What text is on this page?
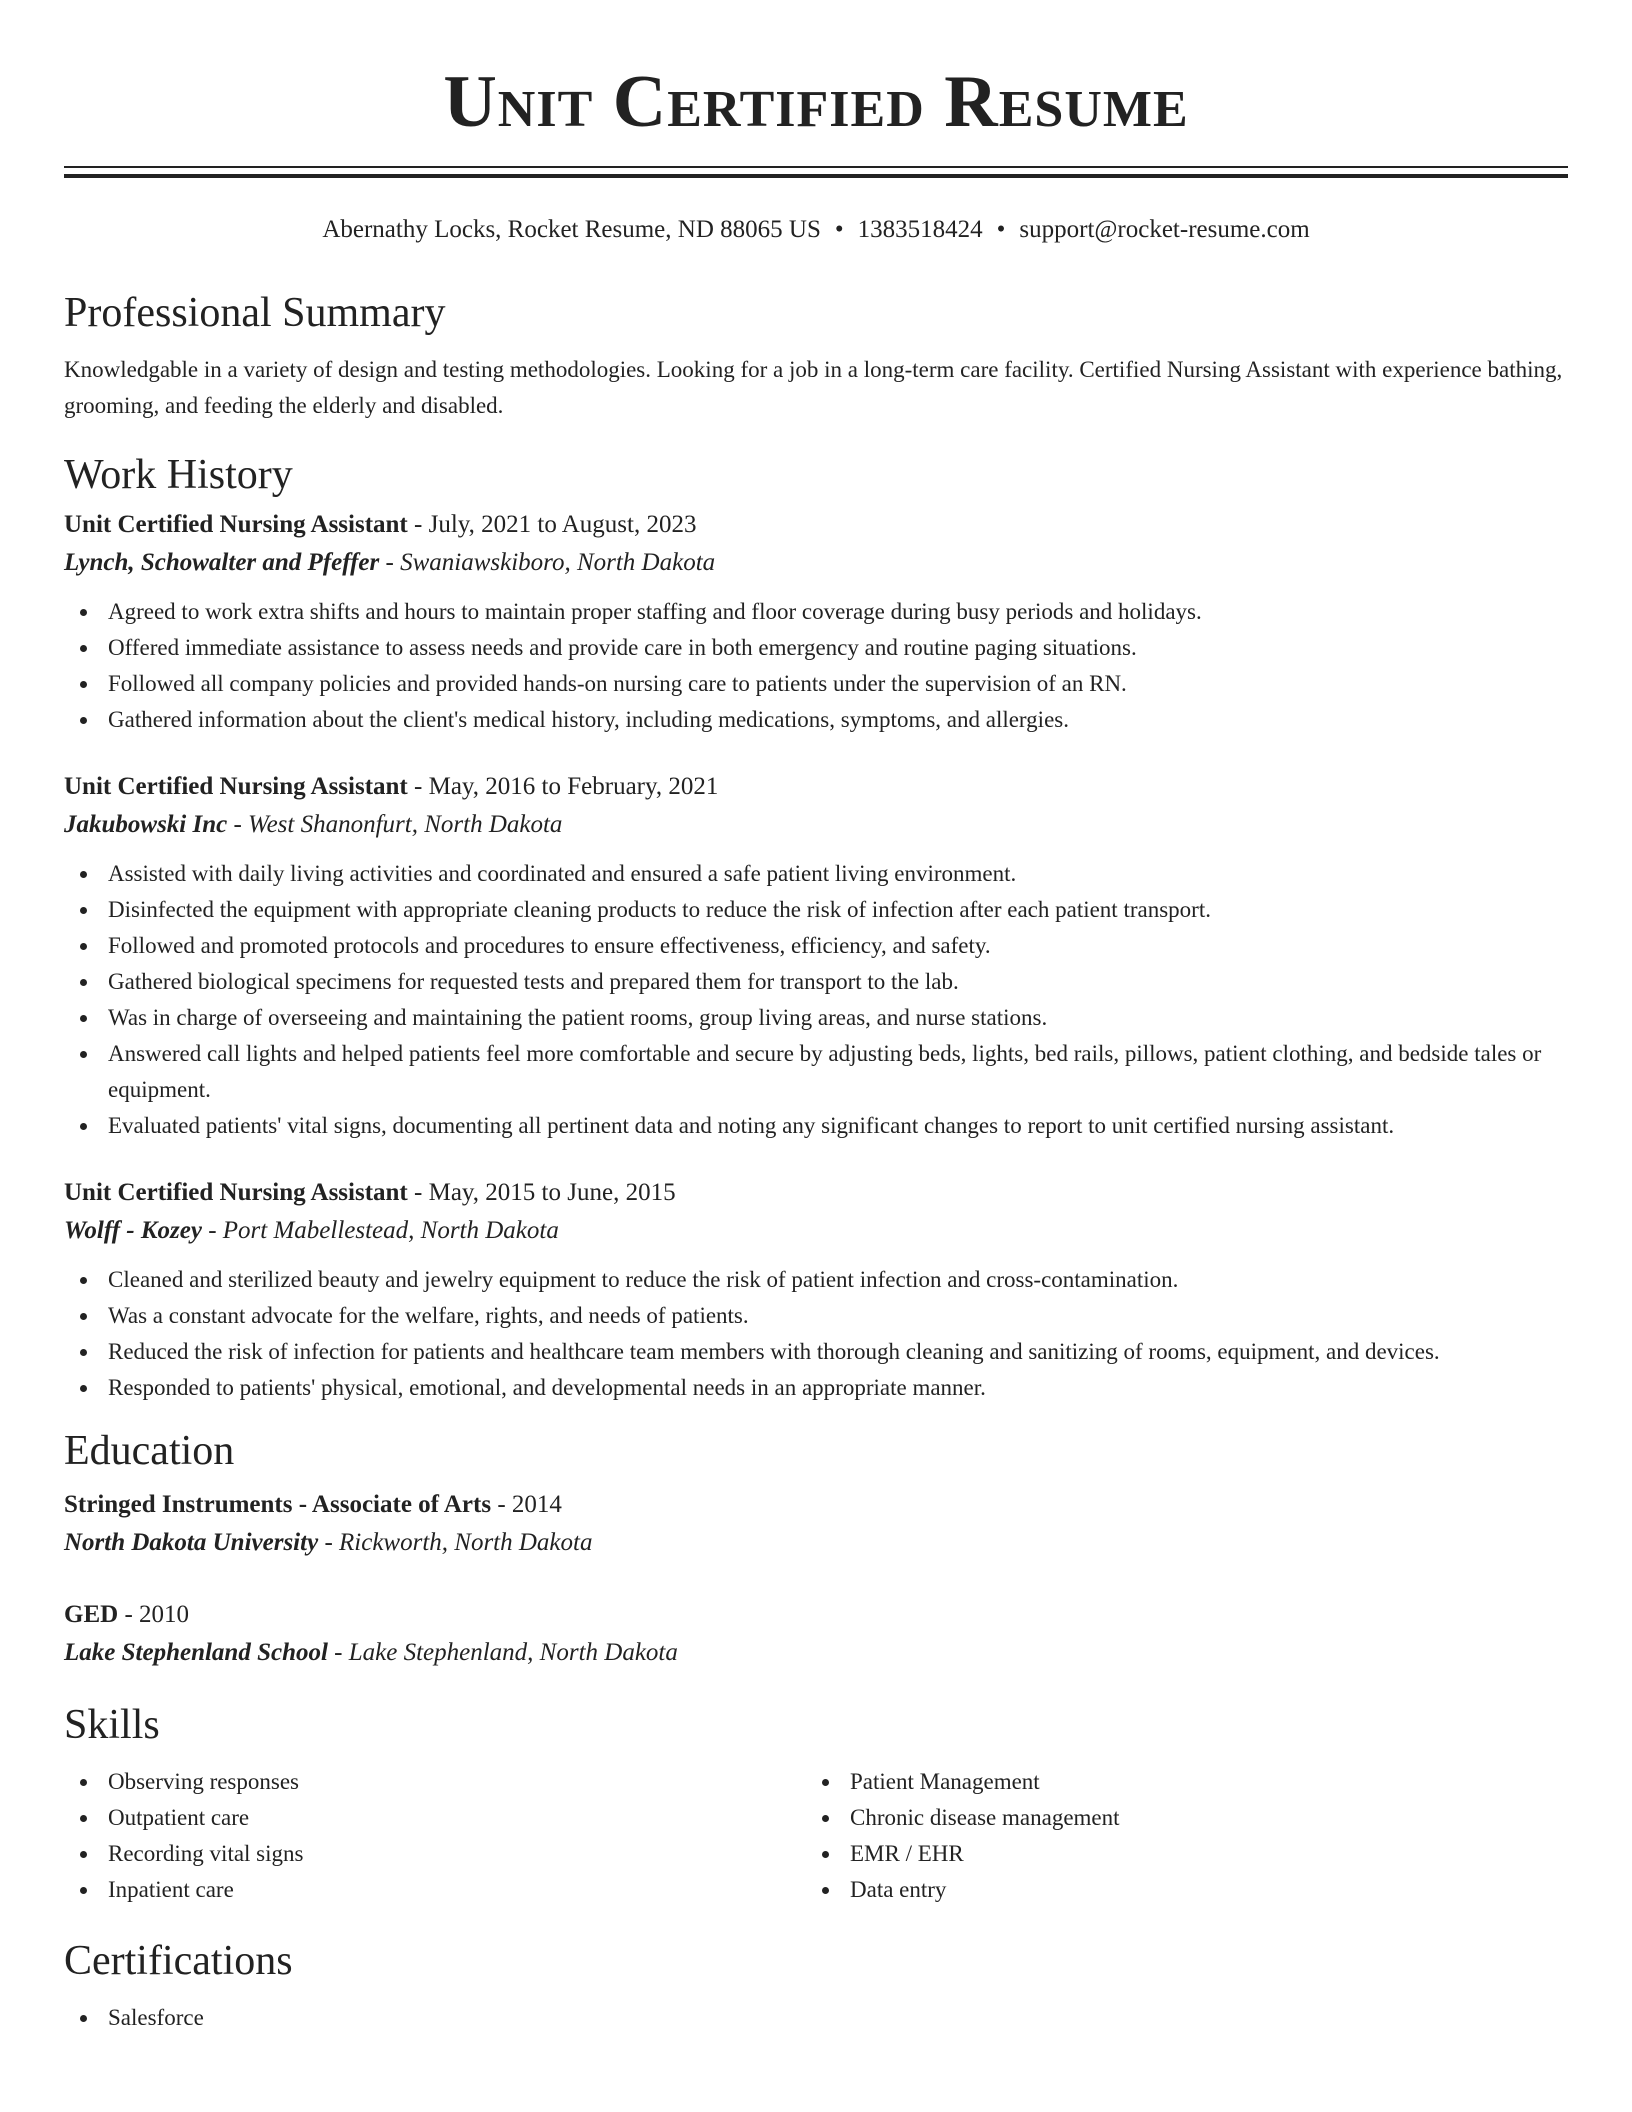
Unit Certified Resume
Abernathy Locks, Rocket Resume, ND 88065 US • 1383518424 • support@rocket-resume.com
Professional Summary

Knowledgable in a variety of design and testing methodologies. Looking for a job in a long-term care facility. Certified Nursing Assistant with experience bathing, grooming, and feeding the elderly and disabled.

Work History
Unit Certified Nursing Assistant - July, 2021 to August, 2023
Lynch, Schowalter and Pfeffer - Swaniawskiboro, North Dakota
Agreed to work extra shifts and hours to maintain proper staffing and floor coverage during busy periods and holidays.
Offered immediate assistance to assess needs and provide care in both emergency and routine paging situations.
Followed all company policies and provided hands-on nursing care to patients under the supervision of an RN.
Gathered information about the client's medical history, including medications, symptoms, and allergies.
Unit Certified Nursing Assistant - May, 2016 to February, 2021
Jakubowski Inc - West Shanonfurt, North Dakota
Assisted with daily living activities and coordinated and ensured a safe patient living environment.
Disinfected the equipment with appropriate cleaning products to reduce the risk of infection after each patient transport.
Followed and promoted protocols and procedures to ensure effectiveness, efficiency, and safety.
Gathered biological specimens for requested tests and prepared them for transport to the lab.
Was in charge of overseeing and maintaining the patient rooms, group living areas, and nurse stations.
Answered call lights and helped patients feel more comfortable and secure by adjusting beds, lights, bed rails, pillows, patient clothing, and bedside tales or equipment.
Evaluated patients' vital signs, documenting all pertinent data and noting any significant changes to report to unit certified nursing assistant.
Unit Certified Nursing Assistant - May, 2015 to June, 2015
Wolff - Kozey - Port Mabellestead, North Dakota
Cleaned and sterilized beauty and jewelry equipment to reduce the risk of patient infection and cross-contamination.
Was a constant advocate for the welfare, rights, and needs of patients.
Reduced the risk of infection for patients and healthcare team members with thorough cleaning and sanitizing of rooms, equipment, and devices.
Responded to patients' physical, emotional, and developmental needs in an appropriate manner.
Education
Stringed Instruments - Associate of Arts - 2014
North Dakota University - Rickworth, North Dakota
GED - 2010
Lake Stephenland School - Lake Stephenland, North Dakota
Skills
Observing responses
Outpatient care
Recording vital signs
Inpatient care
Patient Management
Chronic disease management
EMR / EHR
Data entry
Certifications
Salesforce
